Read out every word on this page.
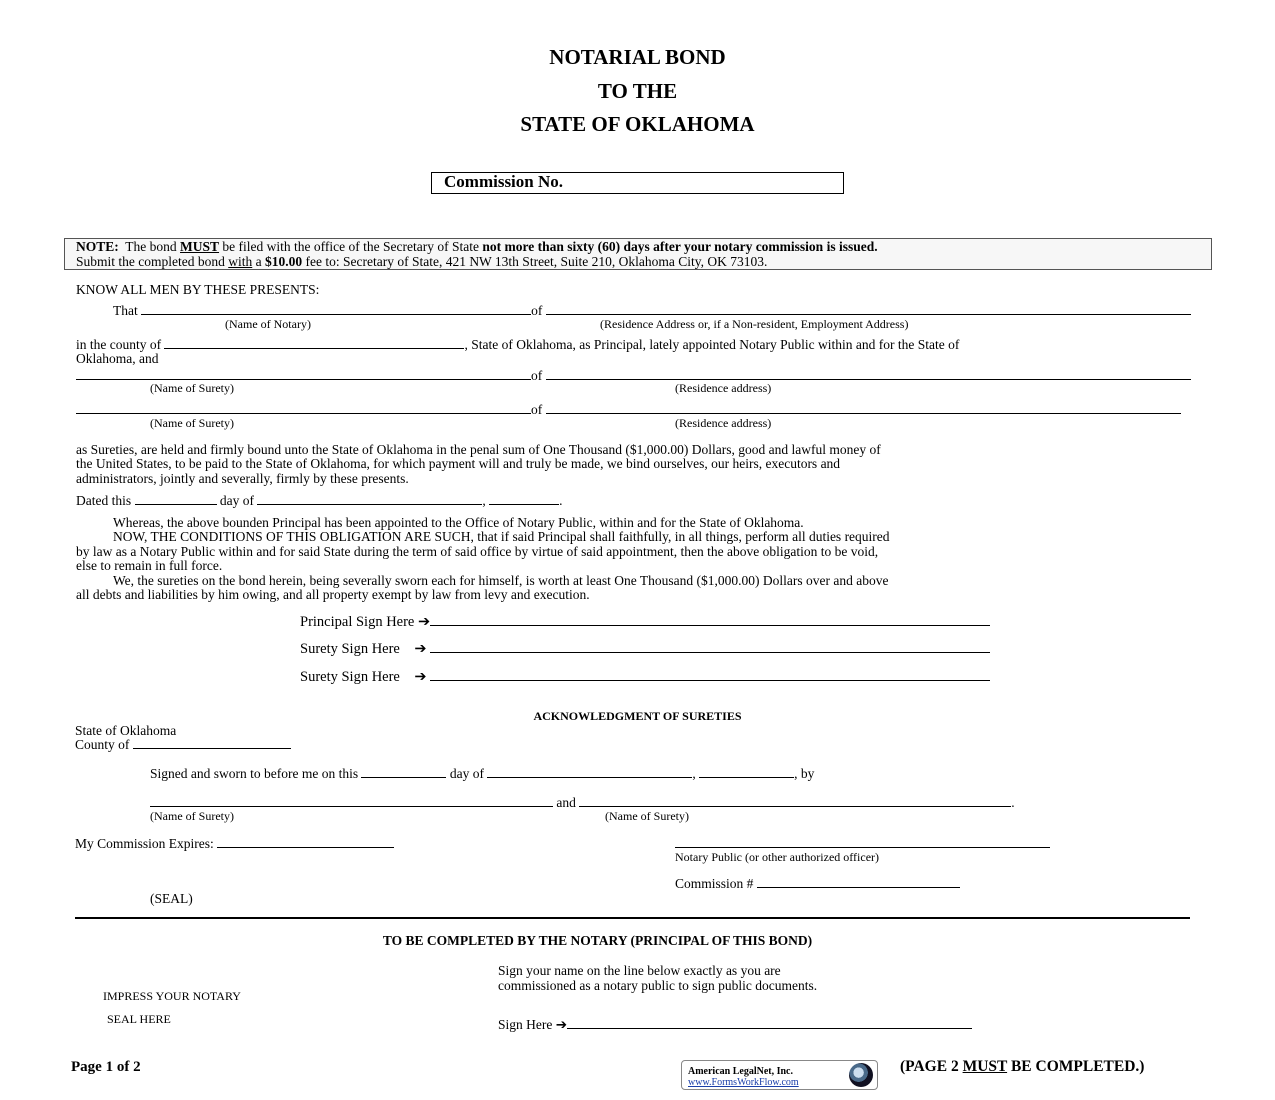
NOTARIAL BOND
TO THE
STATE OF OKLAHOMA
Commission No.
NOTE: The bond MUST be filed with the office of the Secretary of State not more than sixty (60) days after your notary commission is issued.
Submit the completed bond with a $10.00 fee to: Secretary of State, 421 NW 13th Street, Suite 210, Oklahoma City, OK 73103.
KNOW ALL MEN BY THESE PRESENTS:
That	of
(Name of Notary)	(Residence Address or, if a Non-resident, Employment Address)
in the county of	, State of Oklahoma, as Principal, lately appointed Notary Public within and for the State of
Oklahoma, and
of
(Name of Surety)	(Residence address)
of
(Name of Surety)	(Residence address)
as Sureties, are held and firmly bound unto the State of Oklahoma in the penal sum of One Thousand ($1,000.00) Dollars, good and lawful money of
the United States, to be paid to the State of Oklahoma, for which payment will and truly be made, we bind ourselves, our heirs, executors and
administrators, jointly and severally, firmly by these presents.
Dated this	day of	,	.
Whereas, the above bounden Principal has been appointed to the Office of Notary Public, within and for the State of Oklahoma.
NOW, THE CONDITIONS OF THIS OBLIGATION ARE SUCH, that if said Principal shall faithfully, in all things, perform all duties required
by law as a Notary Public within and for said State during the term of said office by virtue of said appointment, then the above obligation to be void,
else to remain in full force.
We, the sureties on the bond herein, being severally sworn each for himself, is worth at least One Thousand ($1,000.00) Dollars over and above
all debts and liabilities by him owing, and all property exempt by law from levy and execution.
Principal Sign Here ➔
Surety Sign Here ➔
Surety Sign Here ➔
ACKNOWLEDGMENT OF SURETIES
State of Oklahoma
County of
Signed and sworn to before me on this	day of	,	, by
and	.
(Name of Surety)	(Name of Surety)
My Commission Expires:
Notary Public (or other authorized officer)
Commission #
(SEAL)
TO BE COMPLETED BY THE NOTARY (PRINCIPAL OF THIS BOND)
Sign your name on the line below exactly as you are
commissioned as a notary public to sign public documents.
IMPRESS YOUR NOTARY
SEAL HERE	Sign Here ➔
Page 1 of 2	American LegalNet, Inc.
www.FormsWorkFlow.com
(PAGE 2 MUST BE COMPLETED.)
